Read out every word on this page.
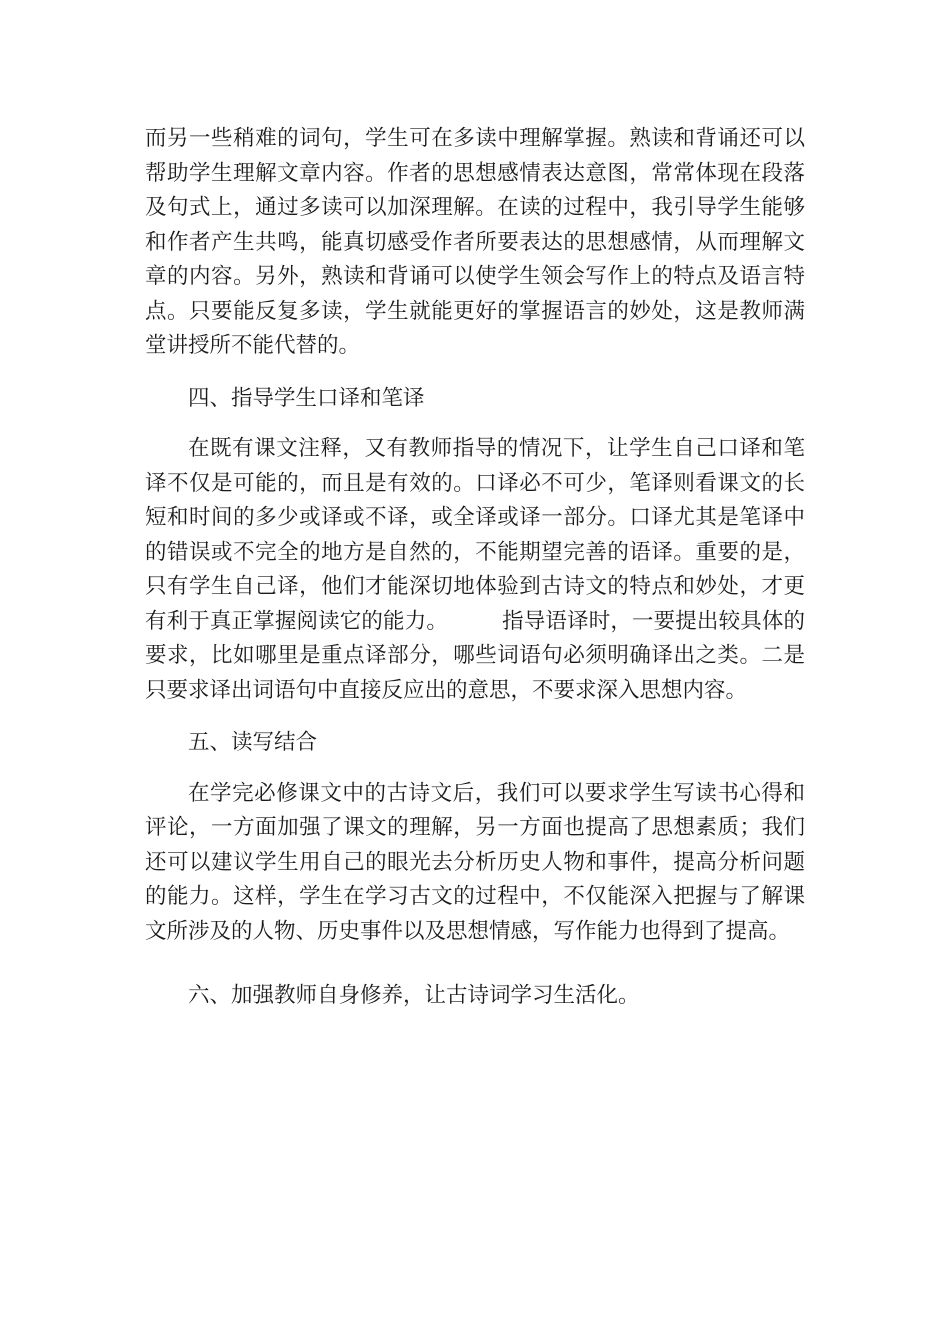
而另一些稍难的词句，学生可在多读中理解掌握。熟读和背诵还可以帮助学生理解文章内容。作者的思想感情表达意图，常常体现在段落及句式上，通过多读可以加深理解。在读的过程中，我引导学生能够和作者产生共鸣，能真切感受作者所要表达的思想感情，从而理解文章的内容。另外，熟读和背诵可以使学生领会写作上的特点及语言特点。只要能反复多读，学生就能更好的掌握语言的妙处，这是教师满堂讲授所不能代替的。

四、指导学生口译和笔译

在既有课文注释，又有教师指导的情况下，让学生自己口译和笔译不仅是可能的，而且是有效的。口译必不可少，笔译则看课文的长短和时间的多少或译或不译，或全译或译一部分。口译尤其是笔译中的错误或不完全的地方是自然的，不能期望完善的语译。重要的是，只有学生自己译，他们才能深切地体验到古诗文的特点和妙处，才更有利于真正掌握阅读它的能力。　　　指导语译时，一要提出较具体的要求，比如哪里是重点译部分，哪些词语句必须明确译出之类。二是只要求译出词语句中直接反应出的意思，不要求深入思想内容。

五、读写结合

在学完必修课文中的古诗文后，我们可以要求学生写读书心得和评论，一方面加强了课文的理解，另一方面也提高了思想素质；我们还可以建议学生用自己的眼光去分析历史人物和事件，提高分析问题的能力。这样，学生在学习古文的过程中，不仅能深入把握与了解课文所涉及的人物、历史事件以及思想情感，写作能力也得到了提高。

六、加强教师自身修养，让古诗词学习生活化。
